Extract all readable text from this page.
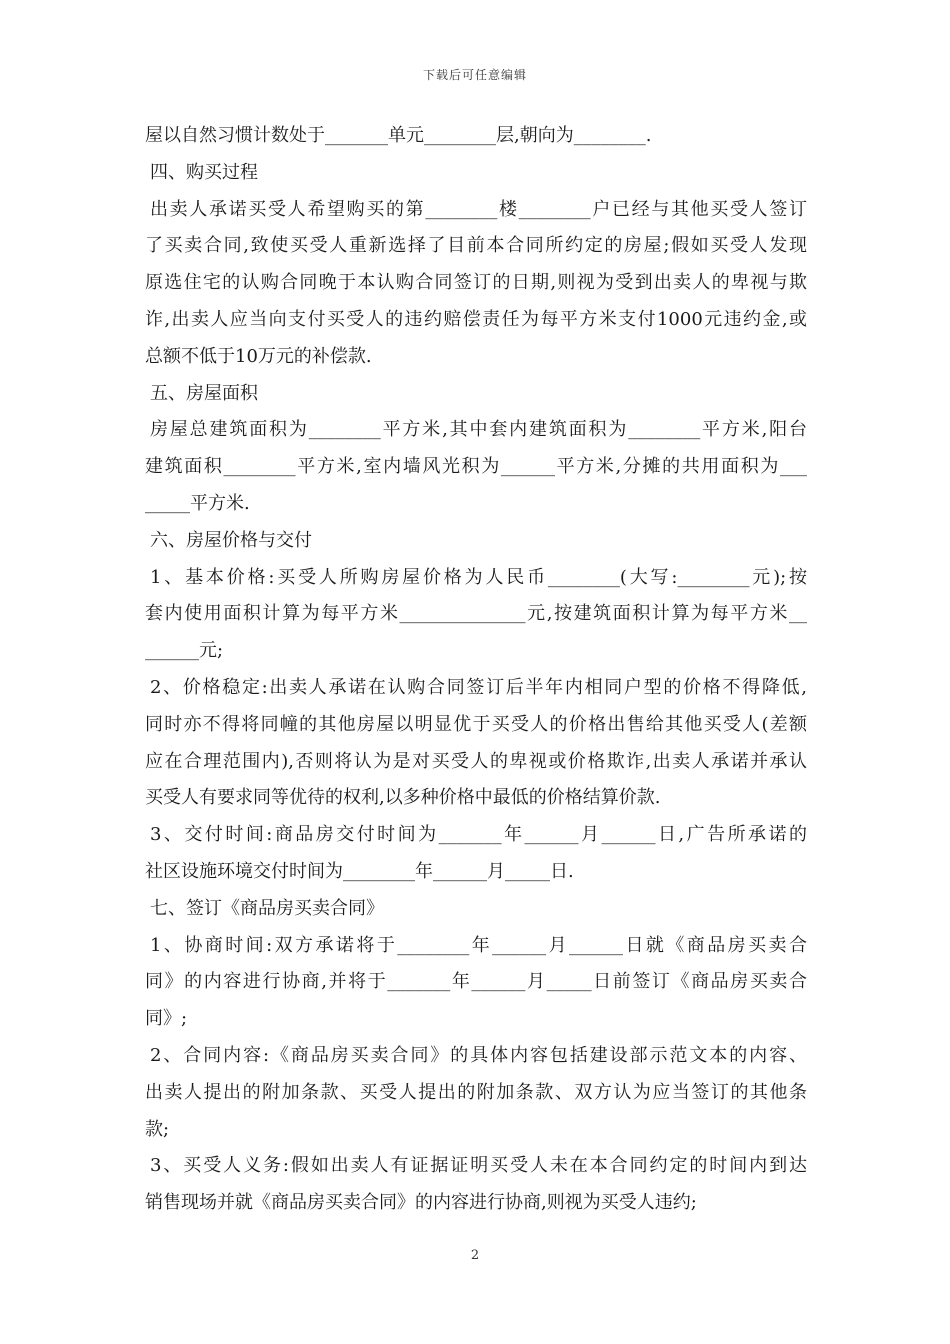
下载后可任意编辑
屋以自然习惯计数处于_______单元________层,朝向为________.
四、购买过程
出卖人承诺买受人希望购买的第________楼________户已经与其他买受人签订
了买卖合同,致使买受人重新选择了目前本合同所约定的房屋;假如买受人发现
原选住宅的认购合同晚于本认购合同签订的日期,则视为受到出卖人的卑视与欺
诈,出卖人应当向支付买受人的违约赔偿责任为每平方米支付1000元违约金,或
总额不低于10万元的补偿款.
五、房屋面积
房屋总建筑面积为________平方米,其中套内建筑面积为________平方米,阳台
建筑面积________平方米,室内墙风光积为______平方米,分摊的共用面积为___
_____平方米.
六、房屋价格与交付
1、基本价格:买受人所购房屋价格为人民币________(大写:________元);按
套内使用面积计算为每平方米______________元,按建筑面积计算为每平方米__
______元;
2、价格稳定:出卖人承诺在认购合同签订后半年内相同户型的价格不得降低,
同时亦不得将同幢的其他房屋以明显优于买受人的价格出售给其他买受人(差额
应在合理范围内),否则将认为是对买受人的卑视或价格欺诈,出卖人承诺并承认
买受人有要求同等优待的权利,以多种价格中最低的价格结算价款.
3、交付时间:商品房交付时间为_______年______月______日,广告所承诺的
社区设施环境交付时间为________年______月_____日.
七、签订《商品房买卖合同》
1、协商时间:双方承诺将于________年______月______日就《商品房买卖合
同》的内容进行协商,并将于_______年______月_____日前签订《商品房买卖合
同》;
2、合同内容:《商品房买卖合同》的具体内容包括建设部示范文本的内容、
出卖人提出的附加条款、买受人提出的附加条款、双方认为应当签订的其他条
款;
3、买受人义务:假如出卖人有证据证明买受人未在本合同约定的时间内到达
销售现场并就《商品房买卖合同》的内容进行协商,则视为买受人违约;
2
